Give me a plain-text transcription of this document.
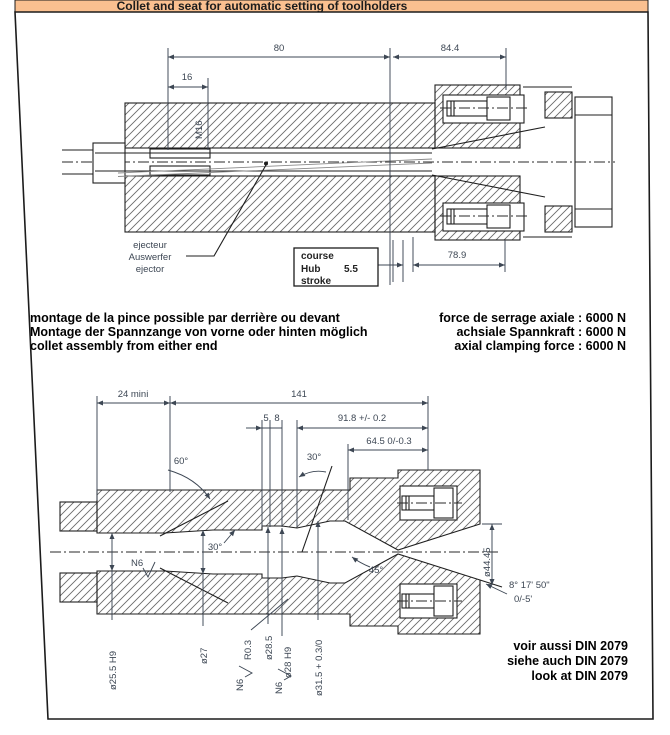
Collet and seat for automatic setting of toolholders
80	84.4
16
M16
78.9
ejecteur
Auswerfer
ejector
course
Hub 5.5
stroke
montage de la pince possible par derrière ou devant
Montage der Spannzange von vorne oder hinten möglich
collet assembly from either end
force de serrage axiale : 6000 N
achsiale Spannkraft : 6000 N
axial clamping force : 6000 N
24 mini	141
5 8	91.8 +/- 0.2
64.5 0/-0.3
60°	30°
30°
45°	ø44.45
8° 17' 50"
0/-5'
ø25.5 H9	ø27	R0.3 ø28.5 ø28 H9 ø31.5 + 0.3/0
N6
N6	N6
voir aussi DIN 2079
siehe auch DIN 2079
look at DIN 2079
